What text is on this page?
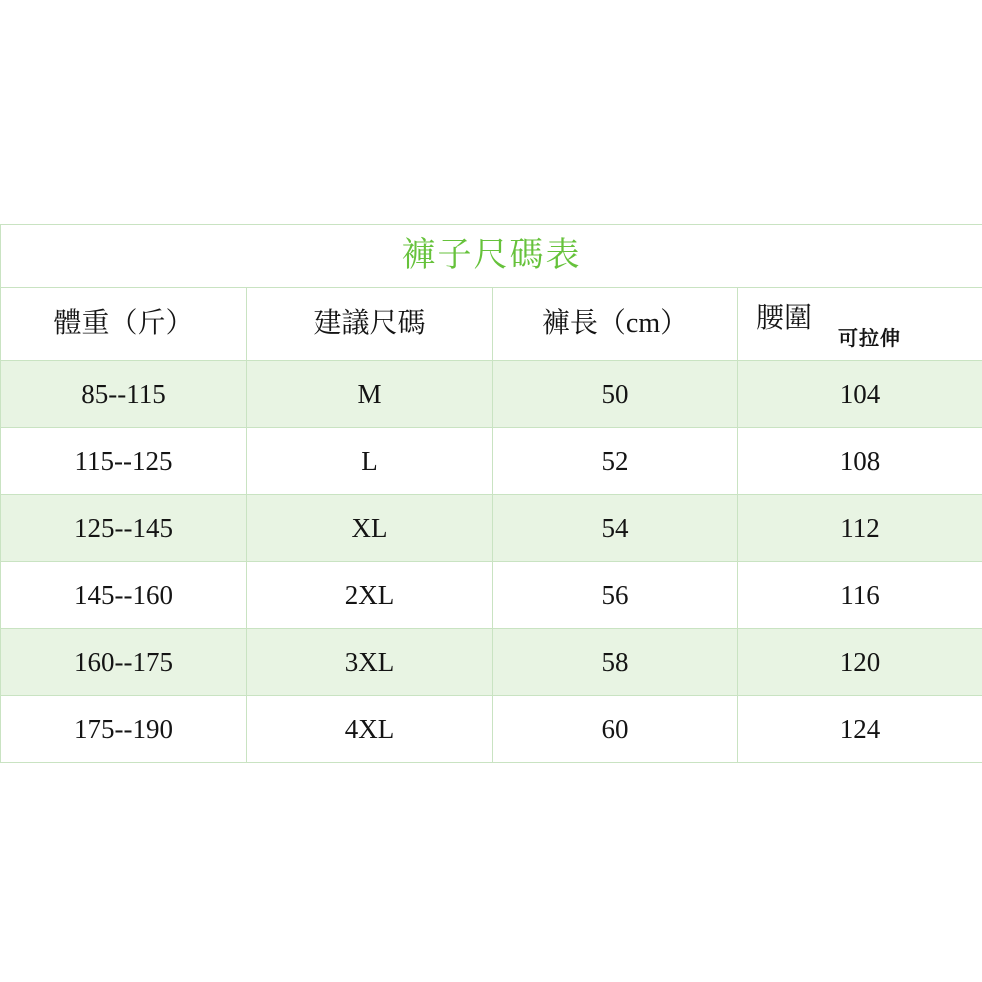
褲子尺碼表			

體重（斤）	建議尺碼	褲長（cm）	腰圍
可拉伸

85--115	M	50	104
115--125	L	52	108
125--145	XL	54	112
145--160	2XL	56	116
160--175	3XL	58	120
175--190	4XL	60	124
